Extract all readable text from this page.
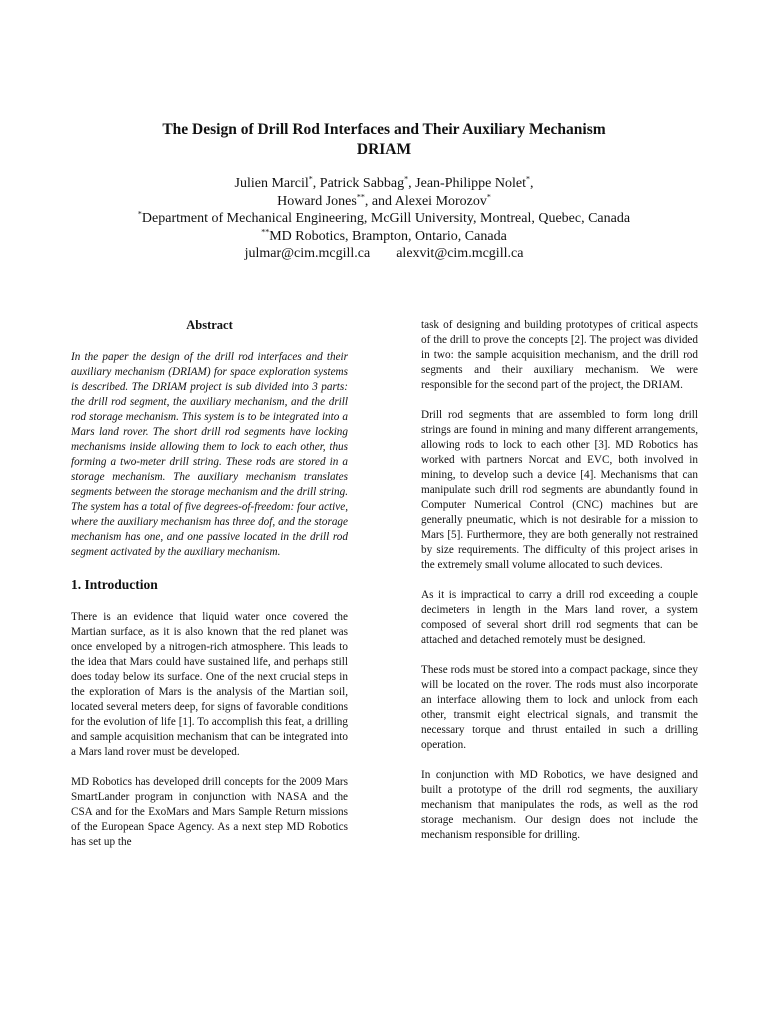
The Design of Drill Rod Interfaces and Their Auxiliary Mechanism
DRIAM
Julien Marcil*, Patrick Sabbag*, Jean-Philippe Nolet*,
Howard Jones**, and Alexei Morozov*
*Department of Mechanical Engineering, McGill University, Montreal, Quebec, Canada
**MD Robotics, Brampton, Ontario, Canada
julmar@cim.mcgill.ca alexvit@cim.mcgill.ca
Abstract

In the paper the design of the drill rod interfaces and their auxiliary mechanism (DRIAM) for space exploration systems is described. The DRIAM project is sub divided into 3 parts: the drill rod segment, the auxiliary mechanism, and the drill rod storage mechanism. This system is to be integrated into a Mars land rover. The short drill rod segments have locking mechanisms inside allowing them to lock to each other, thus forming a two-meter drill string. These rods are stored in a storage mechanism. The auxiliary mechanism translates segments between the storage mechanism and the drill string. The system has a total of five degrees-of-freedom: four active, where the auxiliary mechanism has three dof, and the storage mechanism has one, and one passive located in the drill rod segment activated by the auxiliary mechanism.

1. Introduction

There is an evidence that liquid water once covered the Martian surface, as it is also known that the red planet was once enveloped by a nitrogen-rich atmosphere. This leads to the idea that Mars could have sustained life, and perhaps still does today below its surface. One of the next crucial steps in the exploration of Mars is the analysis of the Martian soil, located several meters deep, for signs of favorable conditions for the evolution of life [1]. To accomplish this feat, a drilling and sample acquisition mechanism that can be integrated into a Mars land rover must be developed.

MD Robotics has developed drill concepts for the 2009 Mars SmartLander program in conjunction with NASA and the CSA and for the ExoMars and Mars Sample Return missions of the European Space Agency. As a next step MD Robotics has set up the

task of designing and building prototypes of critical aspects of the drill to prove the concepts [2]. The project was divided in two: the sample acquisition mechanism, and the drill rod segments and their auxiliary mechanism. We were responsible for the second part of the project, the DRIAM.

Drill rod segments that are assembled to form long drill strings are found in mining and many different arrangements, allowing rods to lock to each other [3]. MD Robotics has worked with partners Norcat and EVC, both involved in mining, to develop such a device [4]. Mechanisms that can manipulate such drill rod segments are abundantly found in Computer Numerical Control (CNC) machines but are generally pneumatic, which is not desirable for a mission to Mars [5]. Furthermore, they are both generally not restrained by size requirements. The difficulty of this project arises in the extremely small volume allocated to such devices.

As it is impractical to carry a drill rod exceeding a couple decimeters in length in the Mars land rover, a system composed of several short drill rod segments that can be attached and detached remotely must be designed.

These rods must be stored into a compact package, since they will be located on the rover. The rods must also incorporate an interface allowing them to lock and unlock from each other, transmit eight electrical signals, and transmit the necessary torque and thrust entailed in such a drilling operation.

In conjunction with MD Robotics, we have designed and built a prototype of the drill rod segments, the auxiliary mechanism that manipulates the rods, as well as the rod storage mechanism. Our design does not include the mechanism responsible for drilling.
